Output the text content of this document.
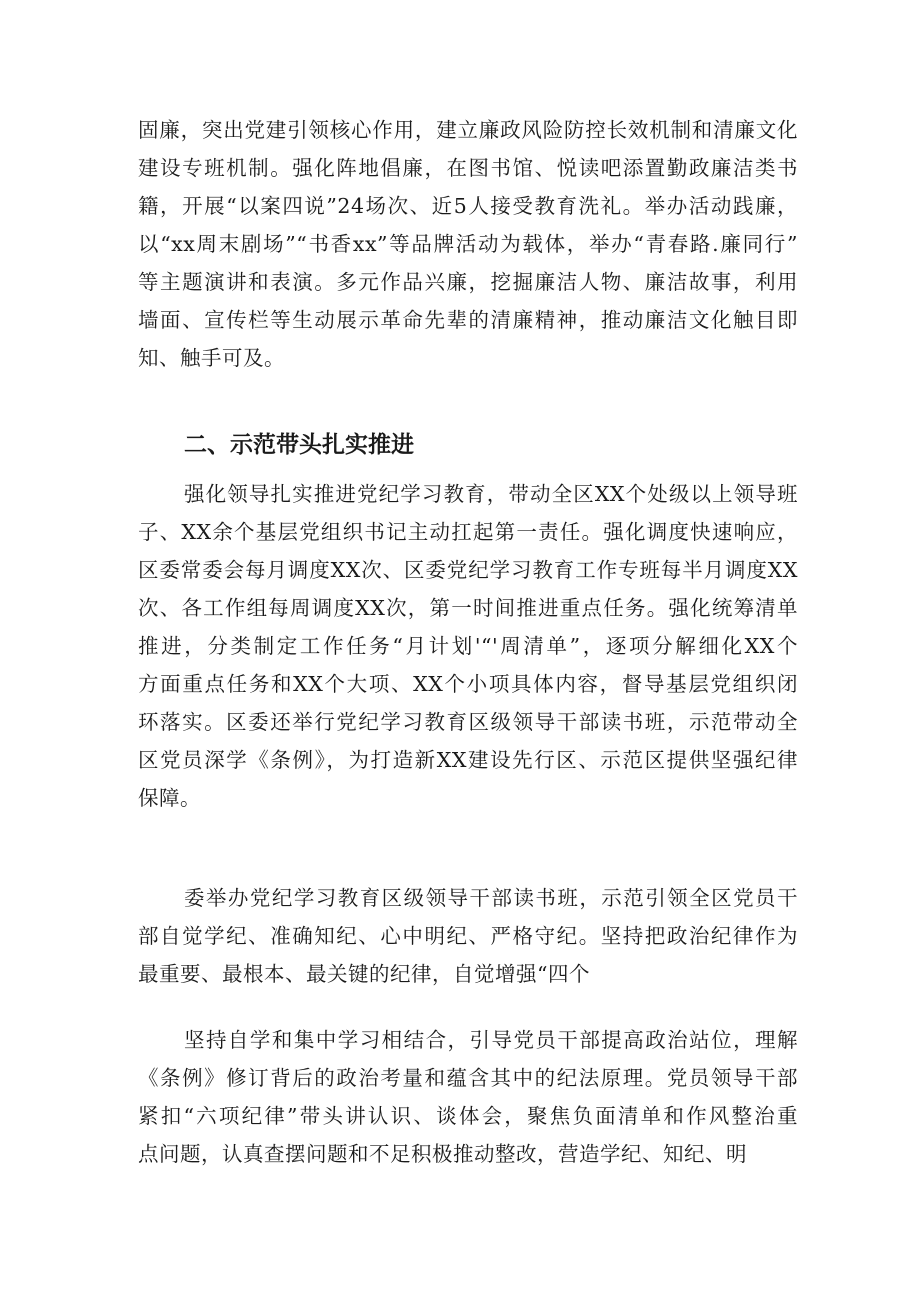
固廉，突出党建引领核心作用，建立廉政风险防控长效机制和清廉文化
建设专班机制。强化阵地倡廉，在图书馆、悦读吧添置勤政廉洁类书
籍，开展“以案四说”24场次、近5人接受教育洗礼。举办活动践廉，
以“xx周末剧场”“书香xx”等品牌活动为载体，举办“青春路.廉同行”
等主题演讲和表演。多元作品兴廉，挖掘廉洁人物、廉洁故事，利用
墙面、宣传栏等生动展示革命先辈的清廉精神，推动廉洁文化触目即
知、触手可及。
二、示范带头扎实推进
强化领导扎实推进党纪学习教育，带动全区XX个处级以上领导班
子、XX余个基层党组织书记主动扛起第一责任。强化调度快速响应，
区委常委会每月调度XX次、区委党纪学习教育工作专班每半月调度XX
次、各工作组每周调度XX次，第一时间推进重点任务。强化统筹清单
推进，分类制定工作任务“月计划'“'周清单”，逐项分解细化XX个
方面重点任务和XX个大项、XX个小项具体内容，督导基层党组织闭
环落实。区委还举行党纪学习教育区级领导干部读书班，示范带动全
区党员深学《条例》，为打造新XX建设先行区、示范区提供坚强纪律
保障。
委举办党纪学习教育区级领导干部读书班，示范引领全区党员干
部自觉学纪、准确知纪、心中明纪、严格守纪。坚持把政治纪律作为
最重要、最根本、最关键的纪律，自觉增强“四个
坚持自学和集中学习相结合，引导党员干部提高政治站位，理解
《条例》修订背后的政治考量和蕴含其中的纪法原理。党员领导干部
紧扣“六项纪律”带头讲认识、谈体会，聚焦负面清单和作风整治重
点问题，认真查摆问题和不足积极推动整改，营造学纪、知纪、明
